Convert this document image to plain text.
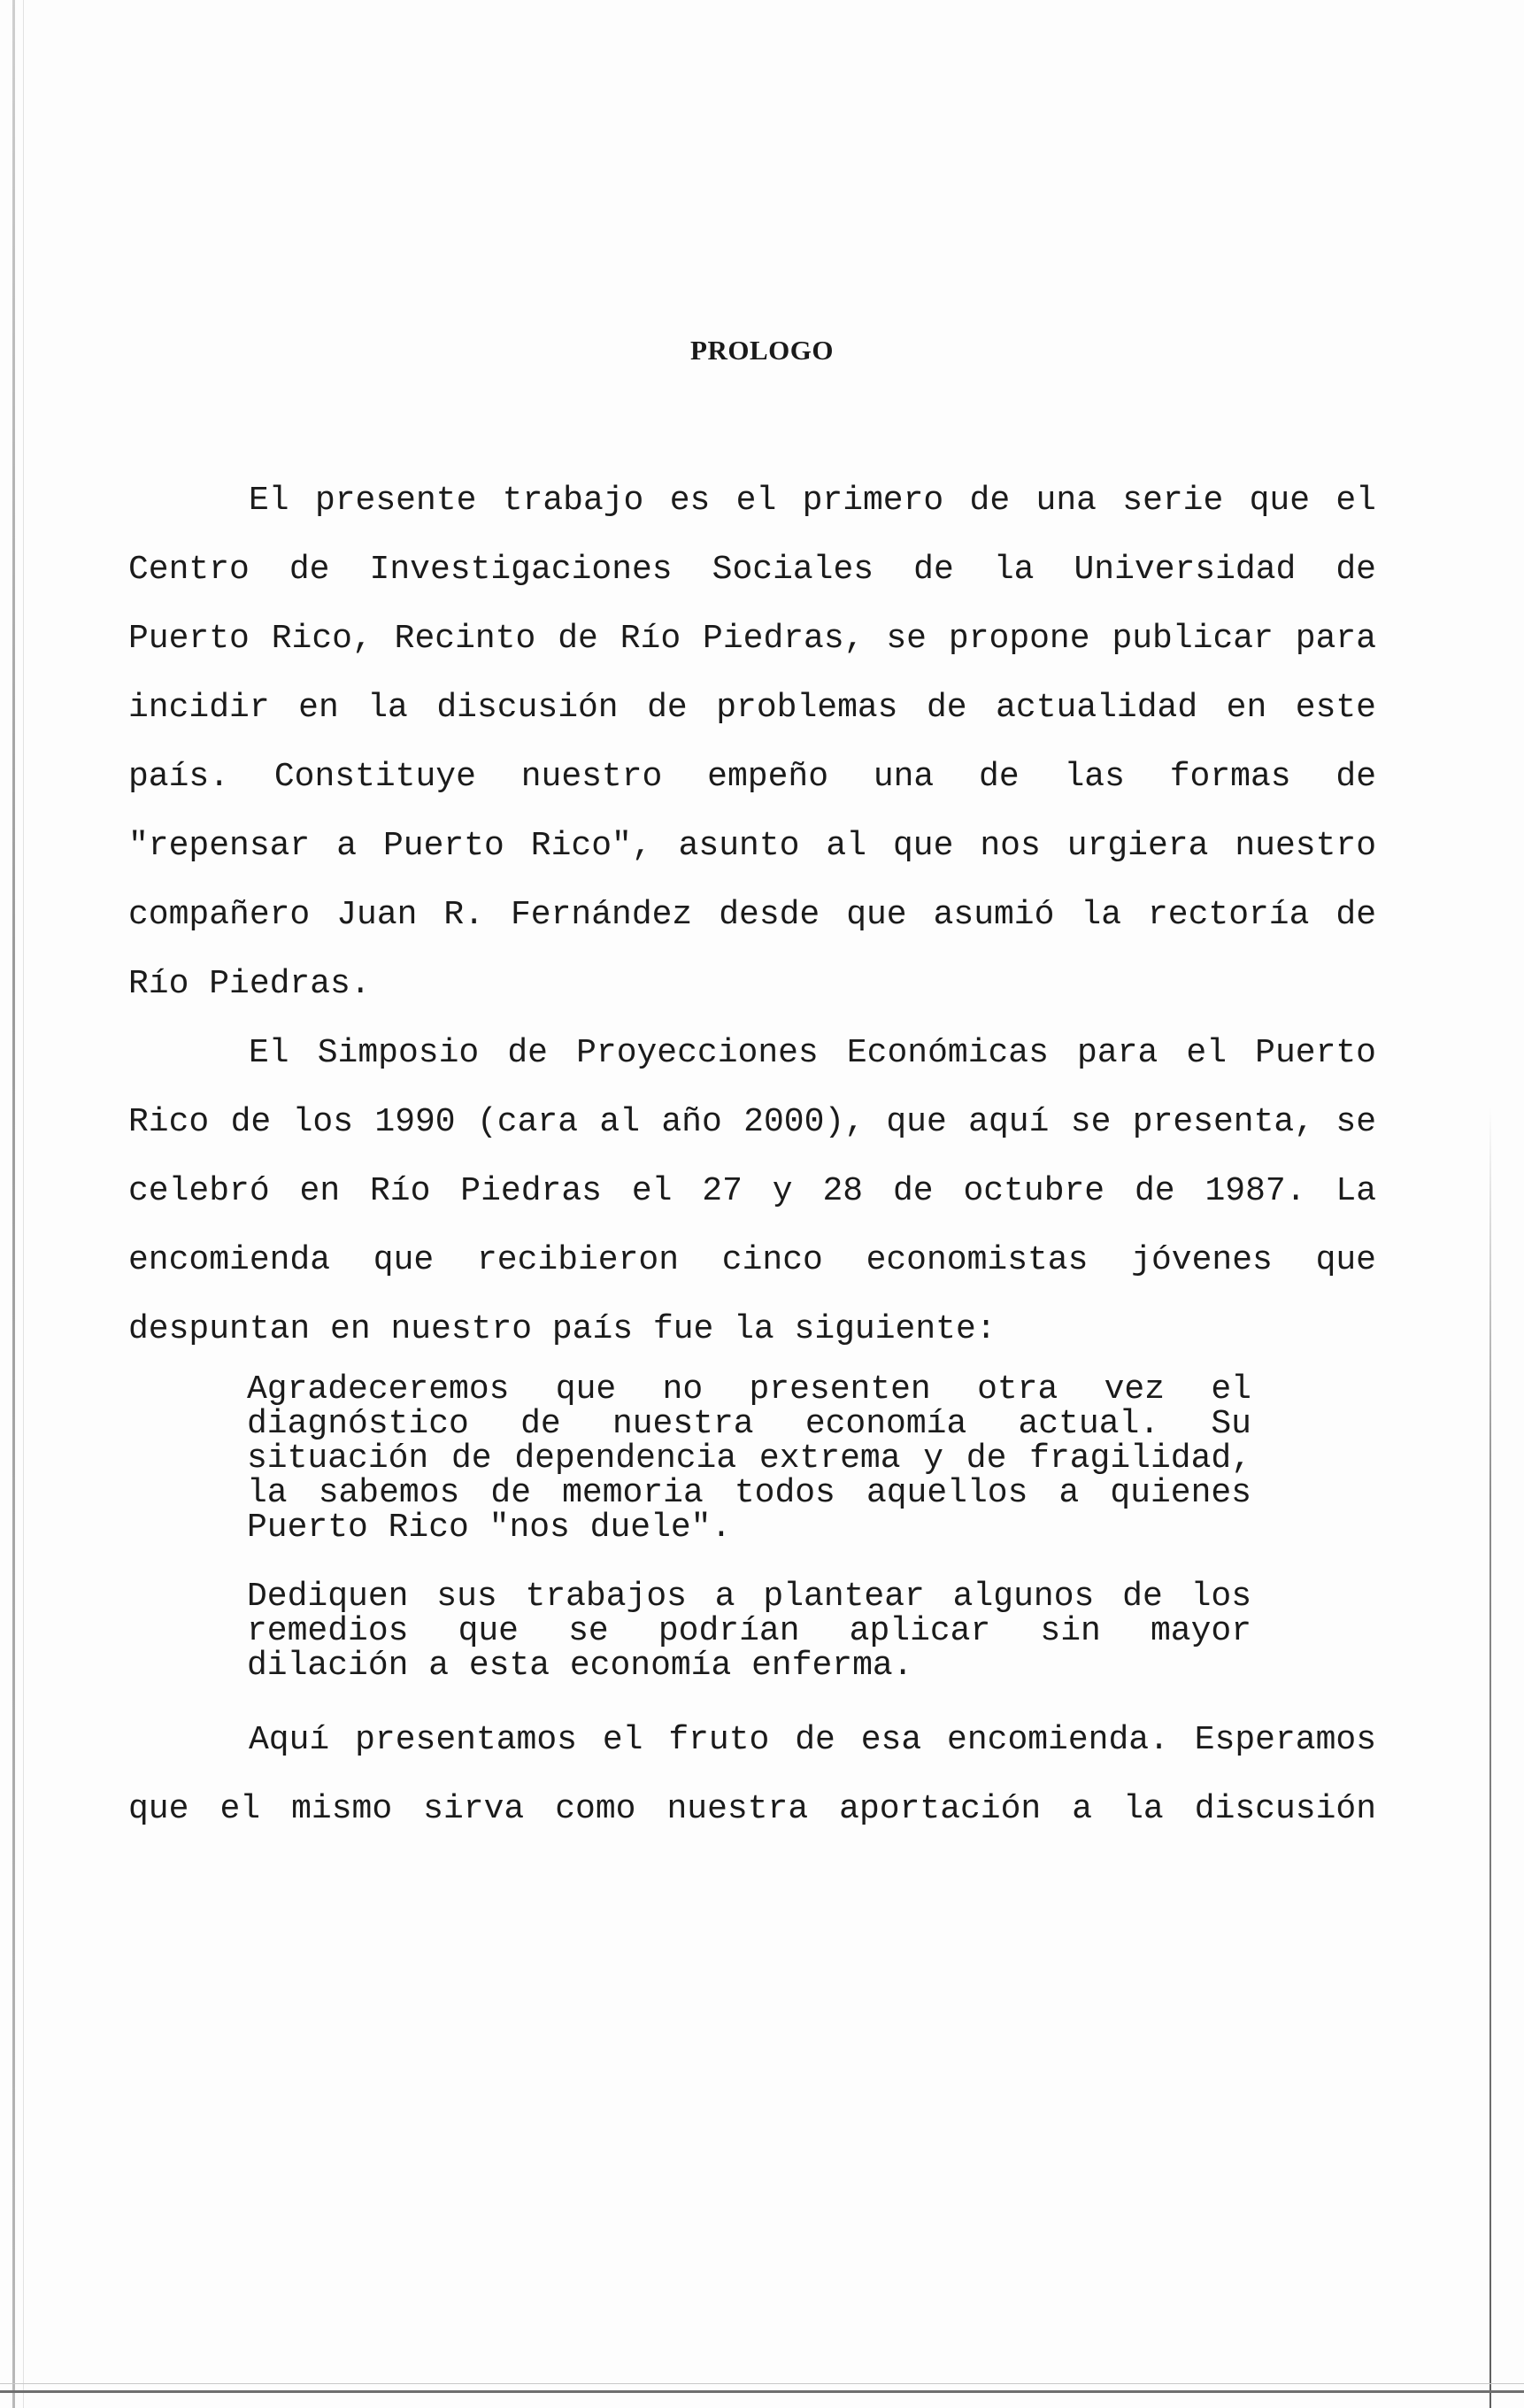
PROLOGO

El presente trabajo es el primero de una serie que el Centro de Investigaciones Sociales de la Universidad de Puerto Rico, Recinto de Río Piedras, se propone publicar para incidir en la discusión de problemas de actualidad en este país. Constituye nuestro empeño una de las formas de "repensar a Puerto Rico", asunto al que nos urgiera nuestro compañero Juan R. Fernández desde que asumió la rectoría de Río Piedras.

El Simposio de Proyecciones Económicas para el Puerto Rico de los 1990 (cara al año 2000), que aquí se presenta, se celebró en Río Piedras el 27 y 28 de octubre de 1987. La encomienda que recibieron cinco economistas jóvenes que despuntan en nuestro país fue la siguiente:

Agradeceremos que no presenten otra vez el diagnóstico de nuestra economía actual. Su situación de dependencia extrema y de fragilidad, la sabemos de memoria todos aquellos a quienes Puerto Rico "nos duele".

Dediquen sus trabajos a plantear algunos de los remedios que se podrían aplicar sin mayor dilación a esta economía enferma.

Aquí presentamos el fruto de esa encomienda. Esperamos que el mismo sirva como nuestra aportación a la discusión
